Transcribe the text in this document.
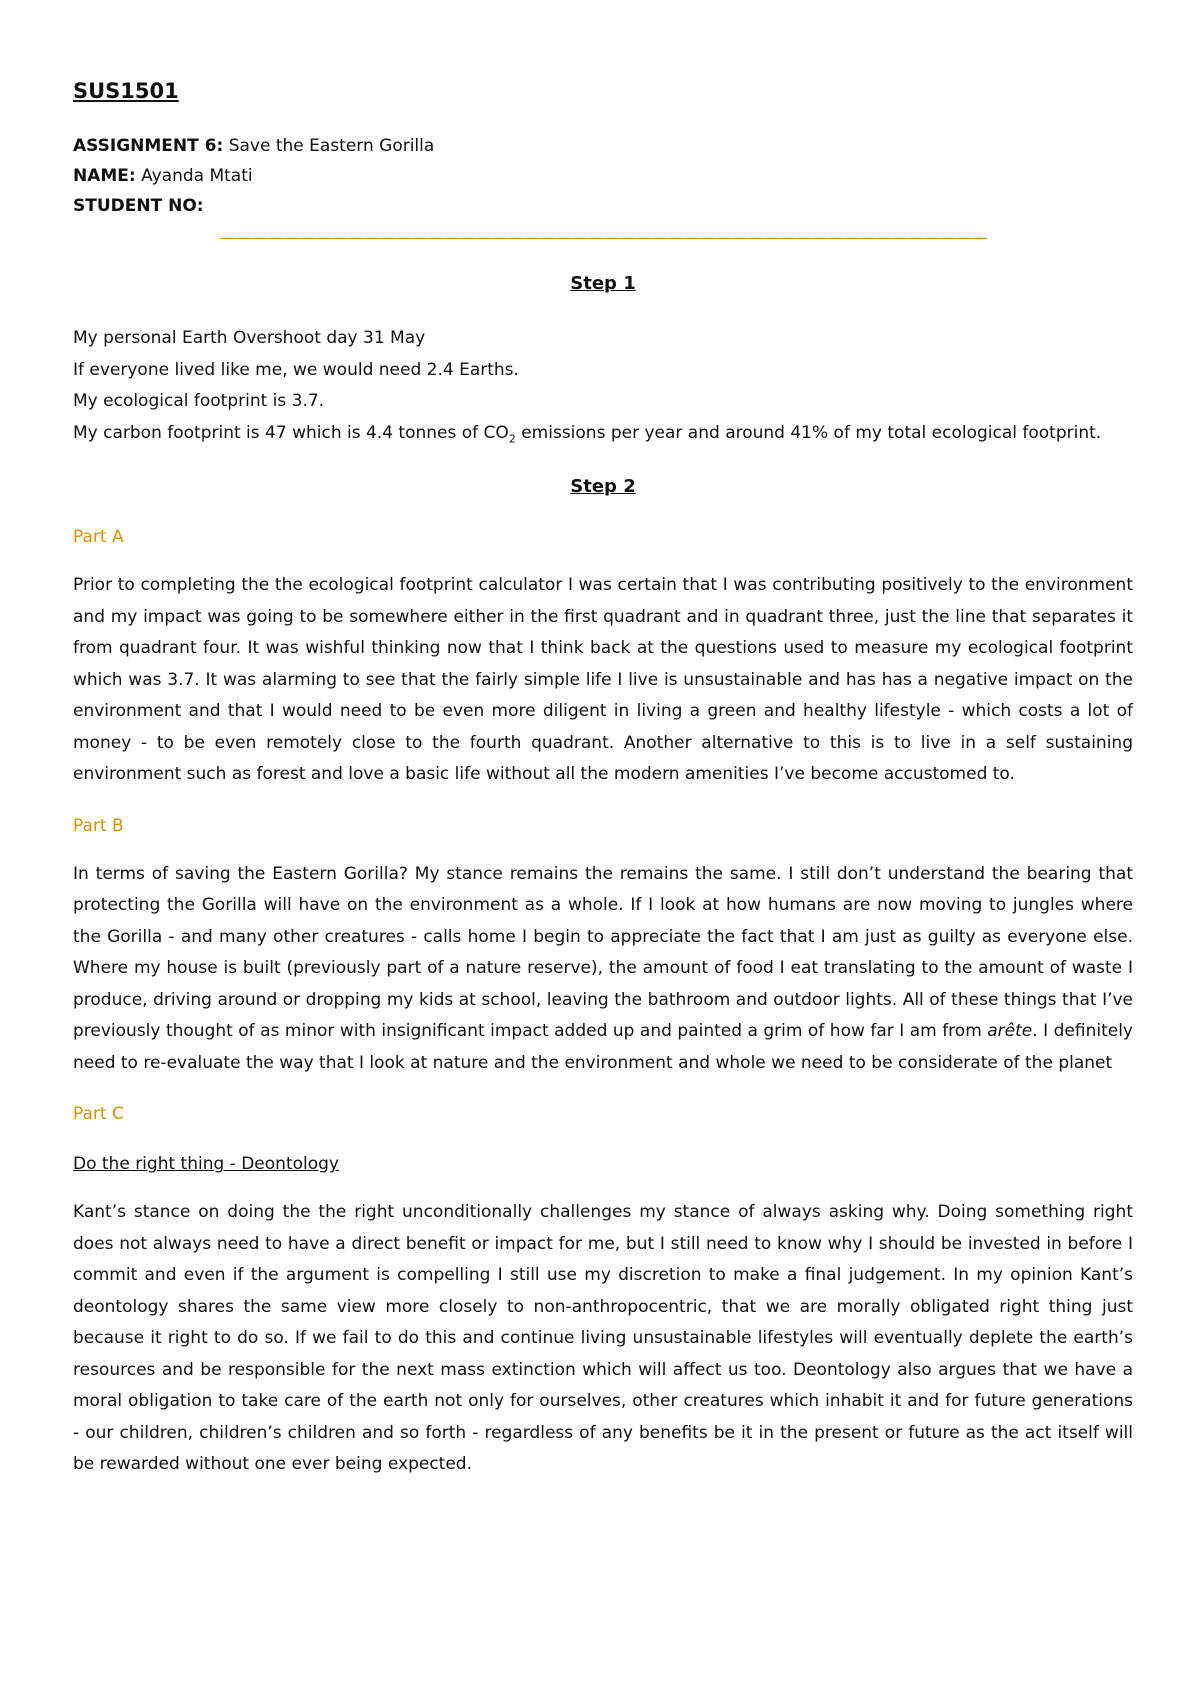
SUS1501
ASSIGNMENT 6: Save the Eastern Gorilla
NAME: Ayanda Mtati
STUDENT NO:
————————————————————————————————————————————————
Step 1

My personal Earth Overshoot day 31 May

If everyone lived like me, we would need 2.4 Earths.

My ecological footprint is 3.7.

My carbon footprint is 47 which is 4.4 tonnes of $CO_2$ emissions per year and around 41% of my total ecological footprint.

Step 2
Part A

Prior to completing the the ecological footprint calculator I was certain that I was contributing positively to the environment and my impact was going to be somewhere either in the first quadrant and in quadrant three, just the line that separates it from quadrant four. It was wishful thinking now that I think back at the questions used to measure my ecological footprint which was 3.7. It was alarming to see that the fairly simple life I live is unsustainable and has has a negative impact on the environment and that I would need to be even more diligent in living a green and healthy lifestyle - which costs a lot of money - to be even remotely close to the fourth quadrant. Another alternative to this is to live in a self sustaining environment such as forest and love a basic life without all the modern amenities I’ve become accustomed to.

Part B

In terms of saving the Eastern Gorilla? My stance remains the remains the same. I still don’t understand the bearing that protecting the Gorilla will have on the environment as a whole. If I look at how humans are now moving to jungles where the Gorilla - and many other creatures - calls home I begin to appreciate the fact that I am just as guilty as everyone else. Where my house is built (previously part of a nature reserve), the amount of food I eat translating to the amount of waste I produce, driving around or dropping my kids at school, leaving the bathroom and outdoor lights. All of these things that I’ve previously thought of as minor with insignificant impact added up and painted a grim of how far I am from arête. I definitely need to re-evaluate the way that I look at nature and the environment and whole we need to be considerate of the planet

Part C
Do the right thing - Deontology

Kant’s stance on doing the the right unconditionally challenges my stance of always asking why. Doing something right does not always need to have a direct benefit or impact for me, but I still need to know why I should be invested in before I commit and even if the argument is compelling I still use my discretion to make a final judgement. In my opinion Kant’s deontology shares the same view more closely to non-anthropocentric, that we are morally obligated right thing just because it right to do so. If we fail to do this and continue living unsustainable lifestyles will eventually deplete the earth’s resources and be responsible for the next mass extinction which will affect us too. Deontology also argues that we have a moral obligation to take care of the earth not only for ourselves, other creatures which inhabit it and for future generations - our children, children’s children and so forth - regardless of any benefits be it in the present or future as the act itself will be rewarded without one ever being expected.
